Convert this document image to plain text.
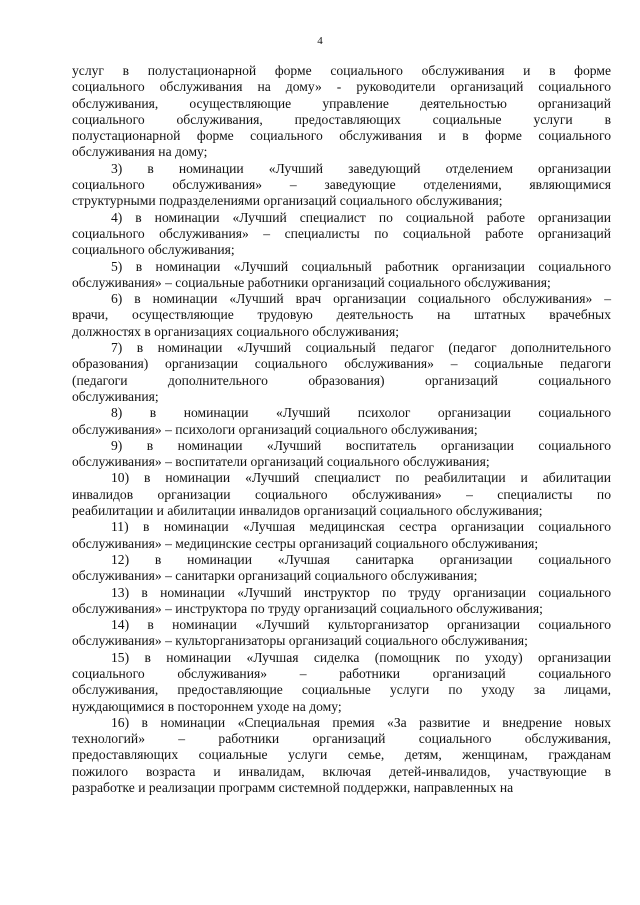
4
услуг в полустационарной форме социального обслуживания и в форме
социального обслуживания на дому» - руководители организаций социального
обслуживания, осуществляющие управление деятельностью организаций
социального обслуживания, предоставляющих социальные услуги в
полустационарной форме социального обслуживания и в форме социального
обслуживания на дому;
3) в номинации «Лучший заведующий отделением организации
социального обслуживания» – заведующие отделениями, являющимися
структурными подразделениями организаций социального обслуживания;
4) в номинации «Лучший специалист по социальной работе организации
социального обслуживания» – специалисты по социальной работе организаций
социального обслуживания;
5) в номинации «Лучший социальный работник организации социального
обслуживания» – социальные работники организаций социального обслуживания;
6) в номинации «Лучший врач организации социального обслуживания» –
врачи, осуществляющие трудовую деятельность на штатных врачебных
должностях в организациях социального обслуживания;
7) в номинации «Лучший социальный педагог (педагог дополнительного
образования) организации социального обслуживания» – социальные педагоги
(педагоги дополнительного образования) организаций социального
обслуживания;
8) в номинации «Лучший психолог организации социального
обслуживания» – психологи организаций социального обслуживания;
9) в номинации «Лучший воспитатель организации социального
обслуживания» – воспитатели организаций социального обслуживания;
10) в номинации «Лучший специалист по реабилитации и абилитации
инвалидов организации социального обслуживания» – специалисты по
реабилитации и абилитации инвалидов организаций социального обслуживания;
11) в номинации «Лучшая медицинская сестра организации социального
обслуживания» – медицинские сестры организаций социального обслуживания;
12) в номинации «Лучшая санитарка организации социального
обслуживания» – санитарки организаций социального обслуживания;
13) в номинации «Лучший инструктор по труду организации социального
обслуживания» – инструктора по труду организаций социального обслуживания;
14) в номинации «Лучший культорганизатор организации социального
обслуживания» – культорганизаторы организаций социального обслуживания;
15) в номинации «Лучшая сиделка (помощник по уходу) организации
социального обслуживания» – работники организаций социального
обслуживания, предоставляющие социальные услуги по уходу за лицами,
нуждающимися в постороннем уходе на дому;
16) в номинации «Специальная премия «За развитие и внедрение новых
технологий» – работники организаций социального обслуживания,
предоставляющих социальные услуги семье, детям, женщинам, гражданам
пожилого возраста и инвалидам, включая детей-инвалидов, участвующие в
разработке и реализации программ системной поддержки, направленных на
